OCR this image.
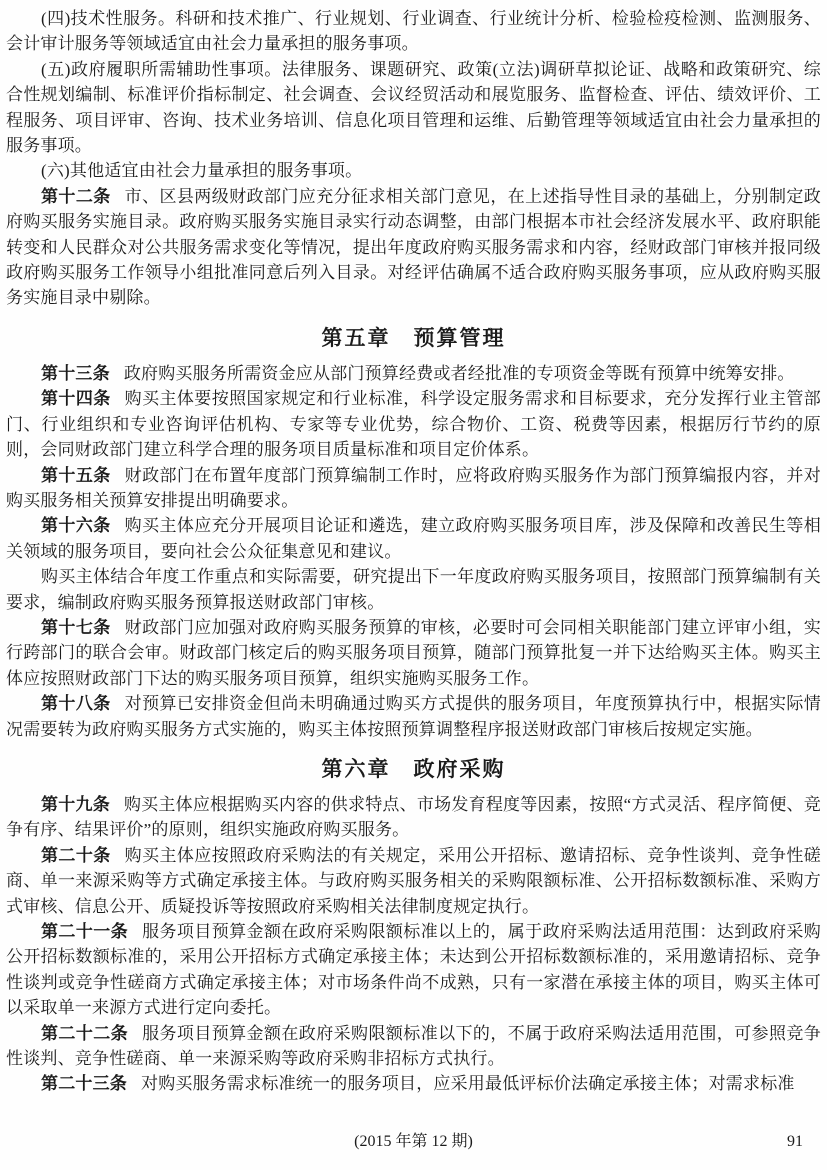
(四)技术性服务。科研和技术推广、行业规划、行业调查、行业统计分析、检验检疫检测、监测服务、会计审计服务等领域适宜由社会力量承担的服务事项。

(五)政府履职所需辅助性事项。法律服务、课题研究、政策(立法)调研草拟论证、战略和政策研究、综合性规划编制、标准评价指标制定、社会调查、会议经贸活动和展览服务、监督检查、评估、绩效评价、工程服务、项目评审、咨询、技术业务培训、信息化项目管理和运维、后勤管理等领域适宜由社会力量承担的服务事项。

(六)其他适宜由社会力量承担的服务事项。

第十二条 市、区县两级财政部门应充分征求相关部门意见，在上述指导性目录的基础上，分别制定政府购买服务实施目录。政府购买服务实施目录实行动态调整，由部门根据本市社会经济发展水平、政府职能转变和人民群众对公共服务需求变化等情况，提出年度政府购买服务需求和内容，经财政部门审核并报同级政府购买服务工作领导小组批准同意后列入目录。对经评估确属不适合政府购买服务事项，应从政府购买服务实施目录中剔除。

第五章　预算管理

第十三条 政府购买服务所需资金应从部门预算经费或者经批准的专项资金等既有预算中统筹安排。

第十四条 购买主体要按照国家规定和行业标准，科学设定服务需求和目标要求，充分发挥行业主管部门、行业组织和专业咨询评估机构、专家等专业优势，综合物价、工资、税费等因素，根据厉行节约的原则，会同财政部门建立科学合理的服务项目质量标准和项目定价体系。

第十五条 财政部门在布置年度部门预算编制工作时，应将政府购买服务作为部门预算编报内容，并对购买服务相关预算安排提出明确要求。

第十六条 购买主体应充分开展项目论证和遴选，建立政府购买服务项目库，涉及保障和改善民生等相关领域的服务项目，要向社会公众征集意见和建议。

购买主体结合年度工作重点和实际需要，研究提出下一年度政府购买服务项目，按照部门预算编制有关要求，编制政府购买服务预算报送财政部门审核。

第十七条 财政部门应加强对政府购买服务预算的审核，必要时可会同相关职能部门建立评审小组，实行跨部门的联合会审。财政部门核定后的购买服务项目预算，随部门预算批复一并下达给购买主体。购买主体应按照财政部门下达的购买服务项目预算，组织实施购买服务工作。

第十八条 对预算已安排资金但尚未明确通过购买方式提供的服务项目，年度预算执行中，根据实际情况需要转为政府购买服务方式实施的，购买主体按照预算调整程序报送财政部门审核后按规定实施。

第六章　政府采购

第十九条 购买主体应根据购买内容的供求特点、市场发育程度等因素，按照“方式灵活、程序简便、竞争有序、结果评价”的原则，组织实施政府购买服务。

第二十条 购买主体应按照政府采购法的有关规定，采用公开招标、邀请招标、竞争性谈判、竞争性磋商、单一来源采购等方式确定承接主体。与政府购买服务相关的采购限额标准、公开招标数额标准、采购方式审核、信息公开、质疑投诉等按照政府采购相关法律制度规定执行。

第二十一条 服务项目预算金额在政府采购限额标准以上的，属于政府采购法适用范围：达到政府采购公开招标数额标准的，采用公开招标方式确定承接主体；未达到公开招标数额标准的，采用邀请招标、竞争性谈判或竞争性磋商方式确定承接主体；对市场条件尚不成熟，只有一家潜在承接主体的项目，购买主体可以采取单一来源方式进行定向委托。

第二十二条 服务项目预算金额在政府采购限额标准以下的，不属于政府采购法适用范围，可参照竞争性谈判、竞争性磋商、单一来源采购等政府采购非招标方式执行。

第二十三条 对购买服务需求标准统一的服务项目，应采用最低评标价法确定承接主体；对需求标准

(2015 年第 12 期)	91
